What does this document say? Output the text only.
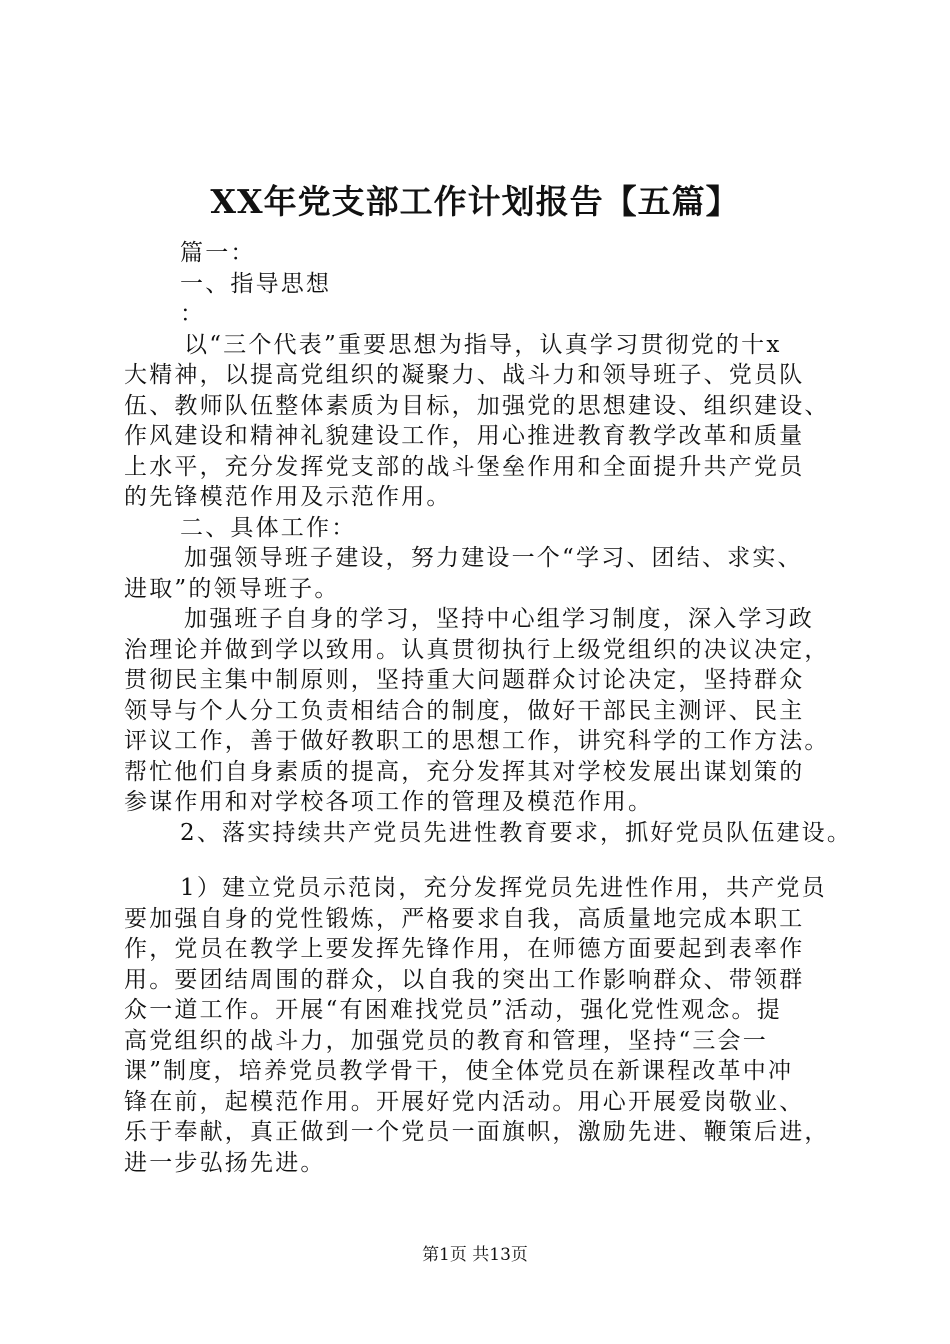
XX年党支部工作计划报告【五篇】
篇一：
一、指导思想
：
以“三个代表”重要思想为指导，认真学习贯彻党的十x
大精神，以提高党组织的凝聚力、战斗力和领导班子、党员队
伍、教师队伍整体素质为目标，加强党的思想建设、组织建设、
作风建设和精神礼貌建设工作，用心推进教育教学改革和质量
上水平，充分发挥党支部的战斗堡垒作用和全面提升共产党员
的先锋模范作用及示范作用。
二、具体工作：
加强领导班子建设，努力建设一个“学习、团结、求实、
进取”的领导班子。
加强班子自身的学习，坚持中心组学习制度，深入学习政
治理论并做到学以致用。认真贯彻执行上级党组织的决议决定，
贯彻民主集中制原则，坚持重大问题群众讨论决定，坚持群众
领导与个人分工负责相结合的制度，做好干部民主测评、民主
评议工作，善于做好教职工的思想工作，讲究科学的工作方法。
帮忙他们自身素质的提高，充分发挥其对学校发展出谋划策的
参谋作用和对学校各项工作的管理及模范作用。
2、落实持续共产党员先进性教育要求，抓好党员队伍建设。
1）建立党员示范岗，充分发挥党员先进性作用，共产党员
要加强自身的党性锻炼，严格要求自我，高质量地完成本职工
作，党员在教学上要发挥先锋作用，在师德方面要起到表率作
用。要团结周围的群众，以自我的突出工作影响群众、带领群
众一道工作。开展“有困难找党员”活动，强化党性观念。提
高党组织的战斗力，加强党员的教育和管理，坚持“三会一
课”制度，培养党员教学骨干，使全体党员在新课程改革中冲
锋在前，起模范作用。开展好党内活动。用心开展爱岗敬业、
乐于奉献，真正做到一个党员一面旗帜，激励先进、鞭策后进，
进一步弘扬先进。
第1页 共13页
